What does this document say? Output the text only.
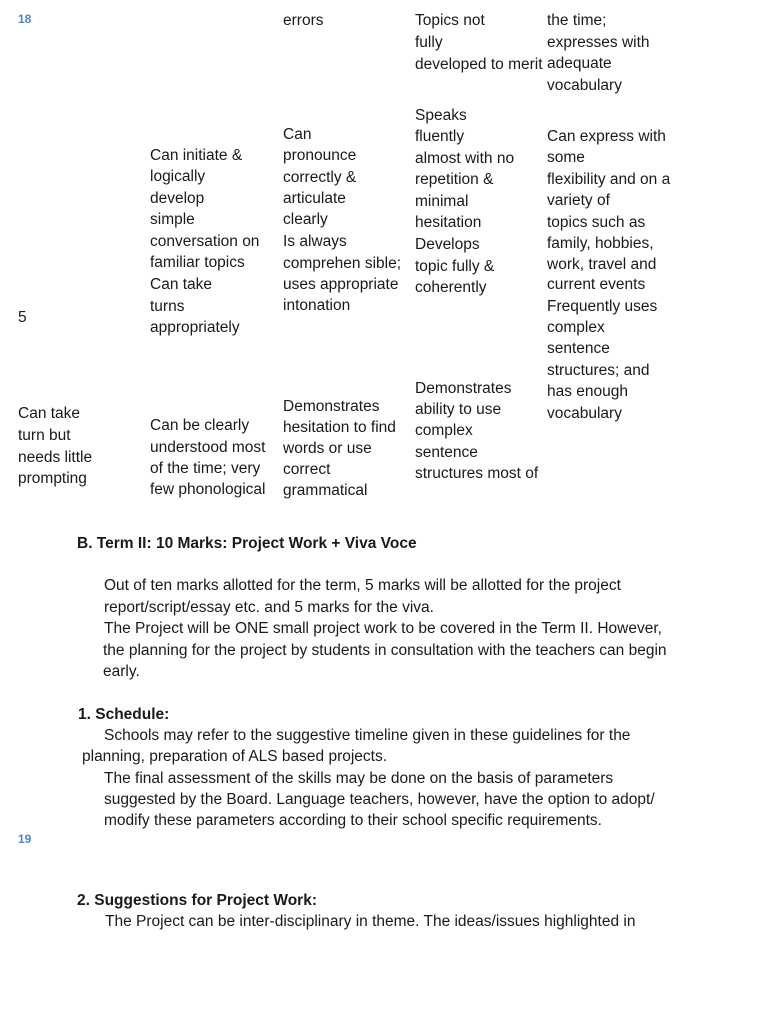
18	errors	Topics not
fully
developed to merit
the time;
expresses with
adequate
vocabulary
5
Can initiate &
logically
develop
simple
conversation on
familiar topics
Can take
turns
appropriately
Can
pronounce
correctly &
articulate
clearly
Is always
comprehen sible;
uses appropriate
intonation
Speaks
fluently
almost with no
repetition &
minimal
hesitation
Develops
topic fully &
coherently
Can express with
some
flexibility and on a
variety of
topics such as
family, hobbies,
work, travel and
current events
Frequently uses
complex
sentence
structures; and
has enough
vocabulary
Can take
turn but
needs little
prompting
Can be clearly
understood most
of the time; very
few phonological
Demonstrates
hesitation to find
words or use
correct
grammatical
Demonstrates
ability to use
complex
sentence
structures most of
B. Term II: 10 Marks: Project Work + Viva Voce
Out of ten marks allotted for the term, 5 marks will be allotted for the project
report/script/essay etc. and 5 marks for the viva.
The Project will be ONE small project work to be covered in the Term II. However,
the planning for the project by students in consultation with the teachers can begin
early.
1. Schedule:
Schools may refer to the suggestive timeline given in these guidelines for the
planning, preparation of ALS based projects.
The final assessment of the skills may be done on the basis of parameters
suggested by the Board. Language teachers, however, have the option to adopt/
modify these parameters according to their school specific requirements.
19
2. Suggestions for Project Work:
The Project can be inter-disciplinary in theme. The ideas/issues highlighted in
